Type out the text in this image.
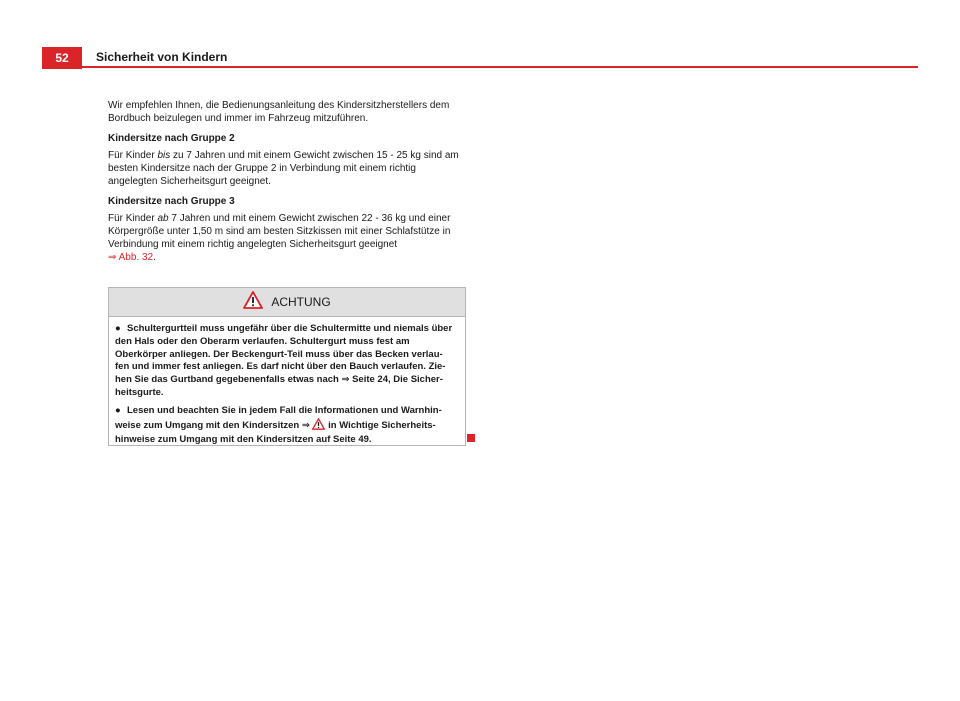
52	Sicherheit von Kindern

Wir empfehlen Ihnen, die Bedienungsanleitung des Kindersitzherstellers dem Bordbuch beizulegen und immer im Fahrzeug mitzuführen.

Kindersitze nach Gruppe 2

Für Kinder bis zu 7 Jahren und mit einem Gewicht zwischen 15 - 25 kg sind am besten Kindersitze nach der Gruppe 2 in Verbindung mit einem richtig angelegten Sicherheitsgurt geeignet.

Kindersitze nach Gruppe 3

Für Kinder ab 7 Jahren und mit einem Gewicht zwischen 22 - 36 kg und einer Körpergröße unter 1,50 m sind am besten Sitzkissen mit einer Schlafstütze in Verbindung mit einem richtig angelegten Sicherheitsgurt geeignet
⇒ Abb. 32.

ACHTUNG

● Schultergurtteil muss ungefähr über die Schultermitte und niemals über den Hals oder den Oberarm verlaufen. Schultergurt muss fest am Oberkörper anliegen. Der Beckengurt-Teil muss über das Becken verlau- fen und immer fest anliegen. Es darf nicht über den Bauch verlaufen. Zie- hen Sie das Gurtband gegebenenfalls etwas nach ⇒ Seite 24, Die Sicher- heitsgurte.

● Lesen und beachten Sie in jedem Fall die Informationen und Warnhin- weise zum Umgang mit den Kindersitzen ⇒  in Wichtige Sicherheits- hinweise zum Umgang mit den Kindersitzen auf Seite 49.
